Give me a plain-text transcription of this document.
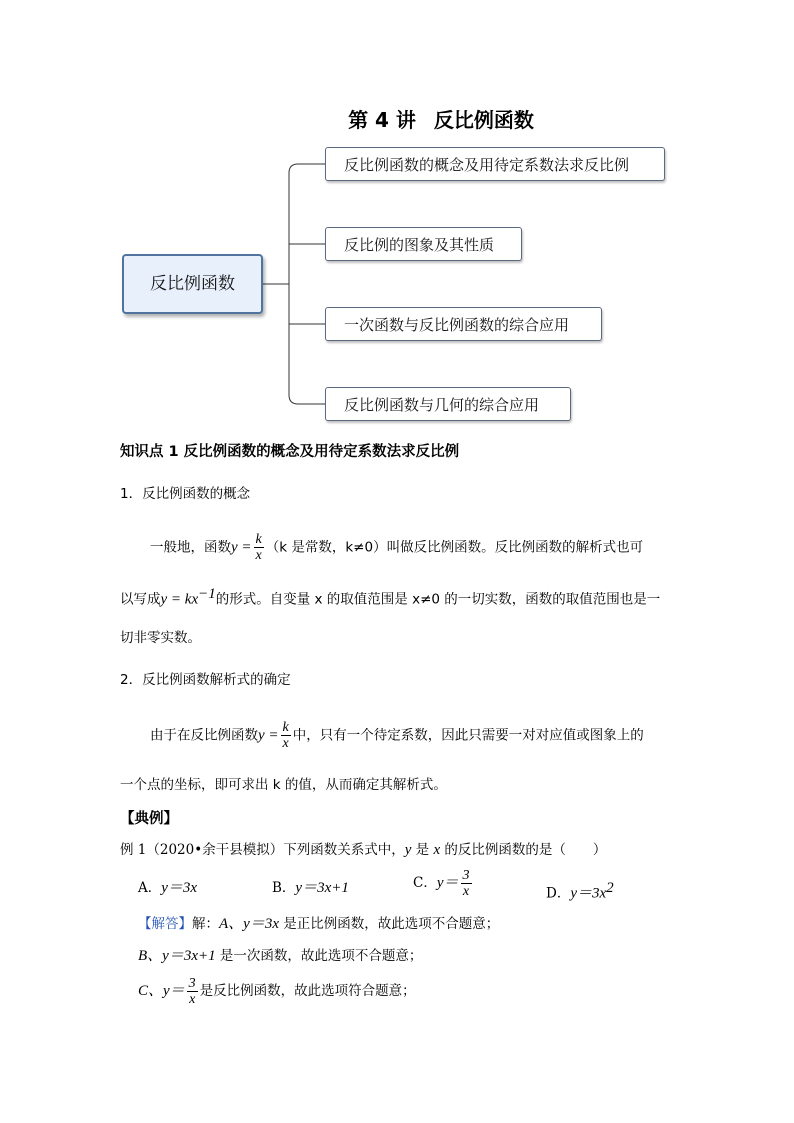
第 4 讲 反比例函数
反比例函数
反比例函数的概念及用待定系数法求反比例
反比例的图象及其性质
一次函数与反比例函数的综合应用
反比例函数与几何的综合应用
知识点 1 反比例函数的概念及用待定系数法求反比例
1．反比例函数的概念
一般地，函数$y = \frac{k}{x} (k$ 是常数，k≠0）叫做反比例函数。反比例函数的解析式也可
以写成$y = kx^{-1}$的形式。自变量 x 的取值范围是 x≠0 的一切实数，函数的取值范围也是一
切非零实数。
2．反比例函数解析式的确定
由于在反比例函数$y = \frac{k}{x}$ 中，只有一个待定系数，因此只需要一对对应值或图象上的
一个点的坐标，即可求出 k 的值，从而确定其解析式。
【典例】
例 1（2020•余干县模拟）下列函数关系式中，y 是 x 的反比例函数的是（　　）
A．y＝3x	B．y＝3x+1	C．$y= \frac{3}{x}$	D．$y=3x^2$
【解答】解：A、y＝3x 是正比例函数，故此选项不合题意；
B、y＝3x+1 是一次函数，故此选项不合题意；
C、$y= \frac{3}{x}$ 是反比例函数，故此选项符合题意；
